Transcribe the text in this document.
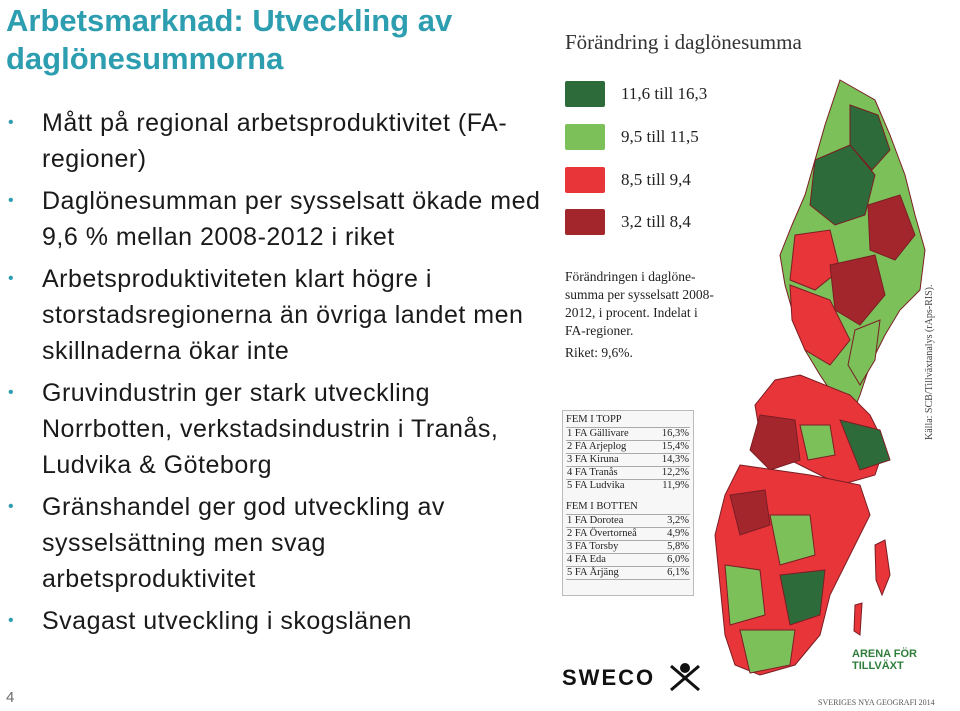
Arbetsmarknad: Utveckling av daglönesummorna
• Mått på regional arbetsproduktivitet (FA-regioner)
• Daglönesumman per sysselsatt ökade med 9,6 % mellan 2008-2012 i riket
• Arbetsproduktiviteten klart högre i storstadsregionerna än övriga landet men skillnaderna ökar inte
• Gruvindustrin ger stark utveckling Norrbotten, verkstadsindustrin i Tranås, Ludvika & Göteborg
• Gränshandel ger god utveckling av sysselsättning men svag arbetsproduktivitet
• Svagast utveckling i skogslänen
4
Förändring i daglönesumma
11,6 till 16,3
9,5 till 11,5
8,5 till 9,4
3,2 till 8,4
Förändringen i daglöne-summa per sysselsatt 2008-2012, i procent. Indelat i FA-regioner.
Riket: 9,6%.
FEM I TOPP
1 FA Gällivare	16,3%
2 FA Arjeplog	15,4%
3 FA Kiruna	14,3%
4 FA Tranås	12,2%
5 FA Ludvika	11,9%
FEM I BOTTEN
1 FA Dorotea	3,2%
2 FA Övertorneå	4,9%
3 FA Torsby	5,8%
4 FA Eda	6,0%
5 FA Årjäng	6,1%
Källa: SCB/Tillväxtanalys (rAps-RIS).
SWECO
ARENA FÖR
TILLVÄXT
SVERIGES NYA GEOGRAFI 2014
